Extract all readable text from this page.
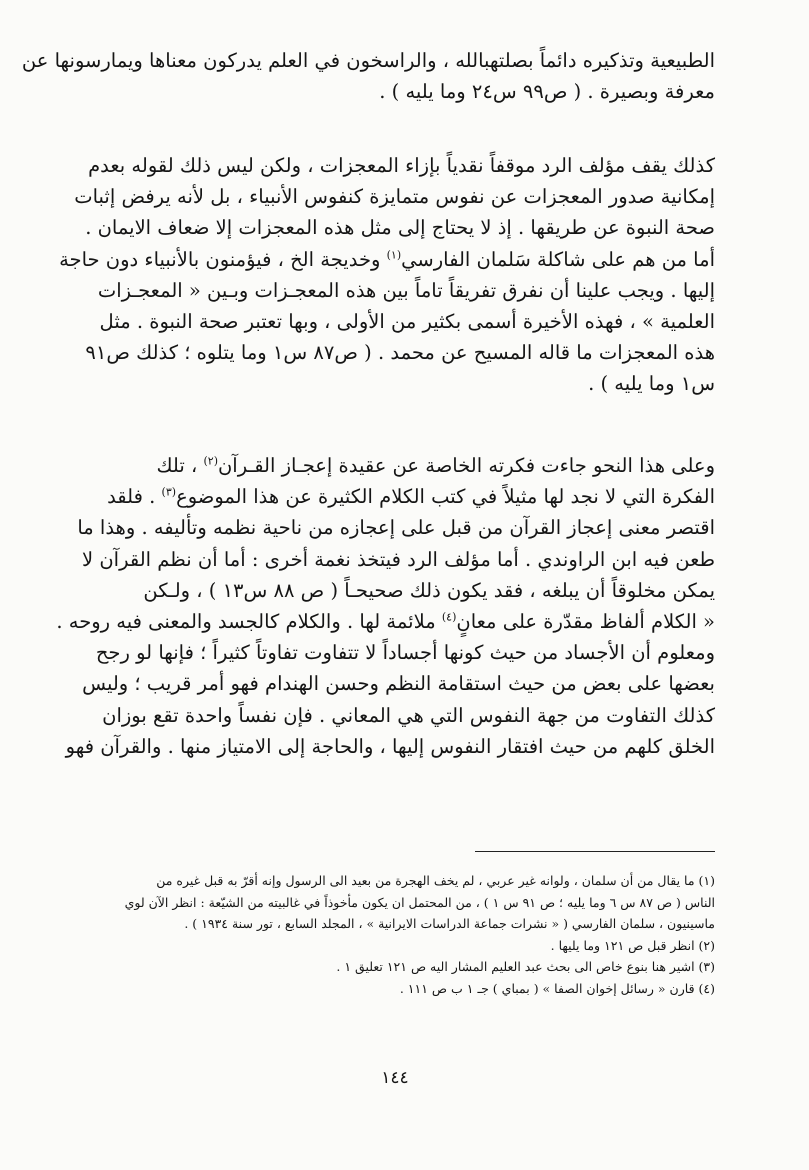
الطبيعية وتذكيره دائماً بصلتهبالله ، والراسخون في العلم يدركون معناها ويمارسونها عن
معرفة وبصيرة . ( ص٩٩ س٢٤ وما يليه ) .
كذلك يقف مؤلف الرد موقفاً نقدياً بإزاء المعجزات ، ولكن ليس ذلك لقوله بعدم
إمكانية صدور المعجزات عن نفوس متمايزة كنفوس الأنبياء ، بل لأنه يرفض إثبات
صحة النبوة عن طريقها . إذ لا يحتاج إلى مثل هذه المعجزات إلا ضعاف الايمان .
أما من هم على شاكلة سَلمان الفارسي$^{(١)}$ وخديجة الخ ، فيؤمنون بالأنبياء دون حاجة
إليها . ويجب علينا أن نفرق تفريقاً تاماً بين هذه المعجـزات وبـين « المعجـزات
العلمية » ، فهذه الأخيرة أسمى بكثير من الأولى ، وبها تعتبر صحة النبوة . مثل
هذه المعجزات ما قاله المسيح عن محمد . ( ص٨٧ س١ وما يتلوه ؛ كذلك ص٩١
س١ وما يليه ) .
وعلى هذا النحو جاءت فكرته الخاصة عن عقيدة إعجـاز القـرآن$^{(٢)}$ ، تلك
الفكرة التي لا نجد لها مثيلاً في كتب الكلام الكثيرة عن هذا الموضوع$^{(٣)}$ . فلقد
اقتصر معنى إعجاز القرآن من قبل على إعجازه من ناحية نظمه وتأليفه . وهذا ما
طعن فيه ابن الراوندي . أما مؤلف الرد فيتخذ نغمة أخرى : أما أن نظم القرآن لا
يمكن مخلوقاً أن يبلغه ، فقد يكون ذلك صحيحـاً ( ص ٨٨ س١٣ ) ، ولـكن
« الكلام ألفاظ مقدّرة على معانٍ$^{(٤)}$ ملائمة لها . والكلام كالجسد والمعنى فيه روحه .
ومعلوم أن الأجساد من حيث كونها أجساداً لا تتفاوت تفاوتاً كثيراً ؛ فإنها لو رجح
بعضها على بعض من حيث استقامة النظم وحسن الهندام فهو أمر قريب ؛ وليس
كذلك التفاوت من جهة النفوس التي هي المعاني . فإن نفساً واحدة تقع بوزان
الخلق كلهم من حيث افتقار النفوس إليها ، والحاجة إلى الامتياز منها . والقرآن فهو
(١) ما يقال من أن سلمان ، ولوانه غير عربي ، لم يخف الهجرة من بعيد الى الرسول وإنه أقرّ به قبل غيره من
الناس ( ص ٨٧ س ٦ وما يليه ؛ ص ٩١ س ١ ) ، من المحتمل ان يكون مأخوذاً في غالبيته من الشيّعة : انظر الآن لوي
ماسينيون ، سلمان الفارسي ( « نشرات جماعة الدراسات الايرانية » ، المجلد السابع ، تور سنة ١٩٣٤ ) .
(٢) انظر قبل ص ١٢١ وما يليها .
(٣) اشير هنا بنوع خاص الى بحث عبد العليم المشار اليه ص ١٢١ تعليق ١ .
(٤) قارن « رسائل إخوان الصفا » ( بمباي ) جـ ١ ب ص ١١١ .
١٤٤
